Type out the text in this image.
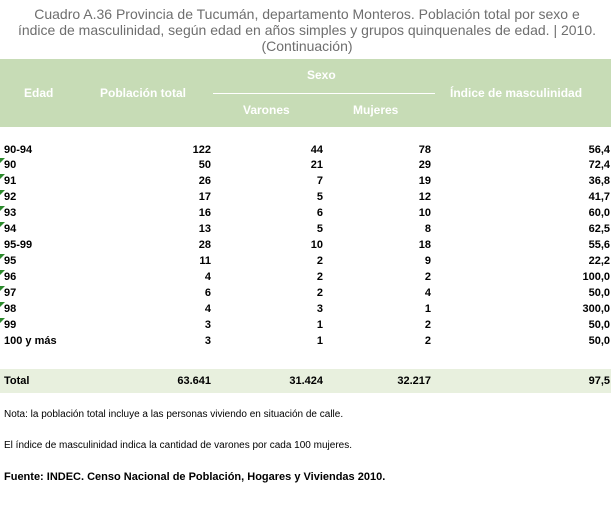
Cuadro A.36 Provincia de Tucumán, departamento Monteros. Población total por sexo e
índice de masculinidad, según edad en años simples y grupos quinquenales de edad. | 2010.
(Continuación)
Edad	Población total
Sexo
Varones	Mujeres
Índice de masculinidad
90-94	122	44	78	56,4
90	50	21	29	72,4
91	26	7	19	36,8
92	17	5	12	41,7
93	16	6	10	60,0
94	13	5	8	62,5
95-99	28	10	18	55,6
95	11	2	9	22,2
96	4	2	2	100,0
97	6	2	4	50,0
98	4	3	1	300,0
99	3	1	2	50,0
100 y más	3	1	2	50,0
Total	63.641	31.424	32.217	97,5
Nota: la población total incluye a las personas viviendo en situación de calle.
El índice de masculinidad indica la cantidad de varones por cada 100 mujeres.
Fuente: INDEC. Censo Nacional de Población, Hogares y Viviendas 2010.
